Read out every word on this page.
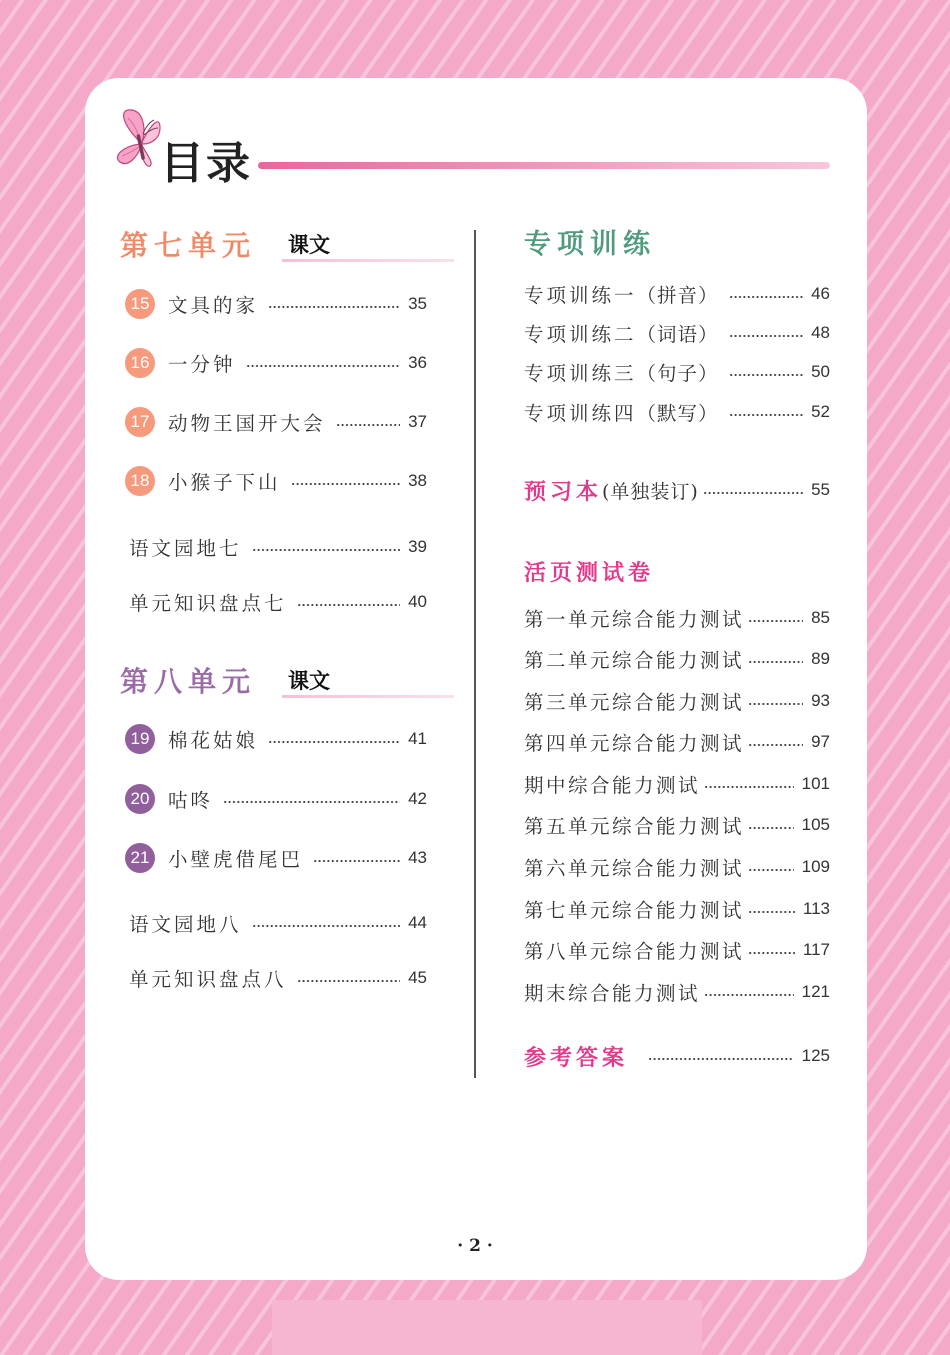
目录
第七单元 课文
15 文具的家	35
16 一分钟	36
17 动物王国开大会	37
18 小猴子下山	38
语文园地七	39
单元知识盘点七	40
第八单元 课文
19 棉花姑娘	41
20 咕咚	42
21 小壁虎借尾巴	43
语文园地八	44
单元知识盘点八	45
专项训练
专项训练一 （拼音）	46
专项训练二 （词语）	48
专项训练三 （句子）	50
专项训练四 （默写）	52
预习本 (单独装订)	55
活页测试卷
第一单元综合能力测试	85
第二单元综合能力测试	89
第三单元综合能力测试	93
第四单元综合能力测试	97
期中综合能力测试	101
第五单元综合能力测试	105
第六单元综合能力测试	109
第七单元综合能力测试	113
第八单元综合能力测试	117
期末综合能力测试	121
参考答案	125
· 2 ·
